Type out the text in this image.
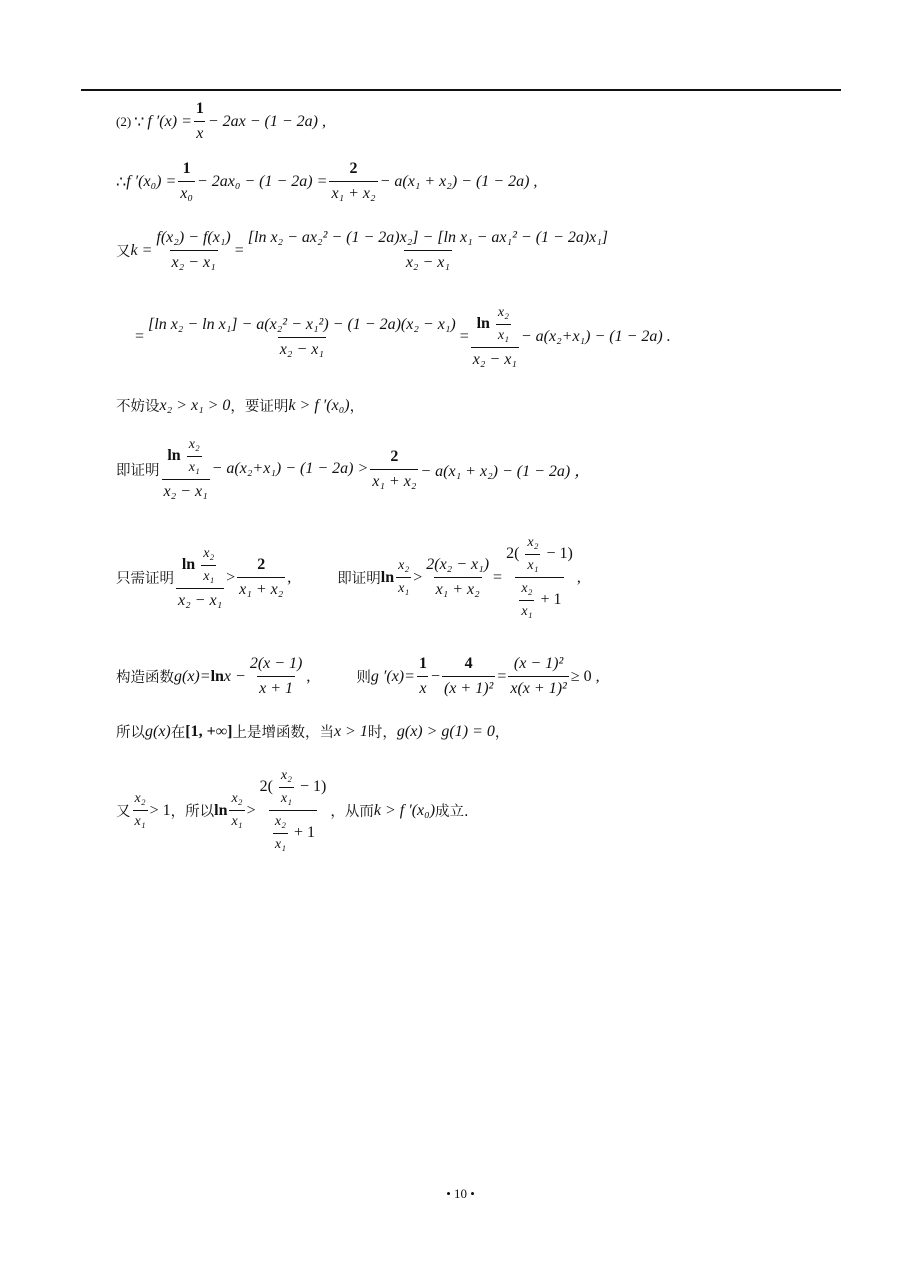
(2) ∵ f $'(x) = \frac{1}{x} - 2ax - (1 - 2a)$ ,
∴ f $'(x_0) = \frac{1}{\text{x₀}} - 2ax_0 - (1 - 2a) = \frac{2}{\text{x₁ + x₂}} - a(x_1 + x_2) - (1 - 2a)$ ,
又 $k = \frac{\text{f(x₂) − f(x₁)}}{\text{x₂ − x₁}} = \frac{\text{[ln x₂ − ax₂² − (1 − 2a)x₂] − [ln x₁ − ax₁² − (1 − 2a)x₁]}}{\text{x₂ − x₁}}$
= $\frac{\text{[ln x₂ − ln x₁] − a(x₂² − x₁²) − (1 − 2a)(x₂ − x₁)}}{\text{x₂ − x₁}} = \frac{\ln \frac{\text{x₂}}{\text{x₁}}}{\text{x₂ − x₁}} - a(x_2+x_1) - (1 - 2a)$ .
不妨设 x₂ > x₁ > 0 ，要证明 k > f ′(x₀) ，
即证明 $\frac{\ln \frac{\text{x₂}}{\text{x₁}}}{\text{x₂ − x₁}} - a(x_2+x_1) - (1 - 2a) > \frac{2}{\text{x₁ + x₂}} - a(x_1 + x_2) - (1 - 2a)$ ，
只需证明 $\frac{\ln \frac{\text{x₂}}{\text{x₁}}}{\text{x₂ − x₁}} > \frac{2}{\text{x₁ + x₂}}$ ,	即证明 $\ln \frac{\text{x₂}}{\text{x₁}} > \frac{\text{2(x₂ − x₁)}}{\text{x₁ + x₂}} = \frac{2( \frac{\text{x₂}}{\text{x₁}} - 1)}{\frac{\text{x₂}}{\text{x₁}} + 1}$ ,
构造函数 $g(x)= \ln x - \frac{2(x - 1)}{x + 1}$ ,	则 g $'(x)= \frac{1}{x} - \frac{4}{\text{(x + 1)²}} = \frac{\text{(x − 1)²}}{\text{x(x + 1)²}} \ge 0$ ,
所以 g(x) 在 [1, +∞] 上是增函数，当 x > 1 时， g(x) > g(1) = 0 ，
又 $\frac{\text{x₂}}{\text{x₁}} > 1$ ，所以 $\ln \frac{\text{x₂}}{\text{x₁}} > \frac{2( \frac{\text{x₂}}{\text{x₁}} - 1)}{\frac{\text{x₂}}{\text{x₁}} + 1}$ ，从而 k > f ′(x₀) 成立.
• 10 •
